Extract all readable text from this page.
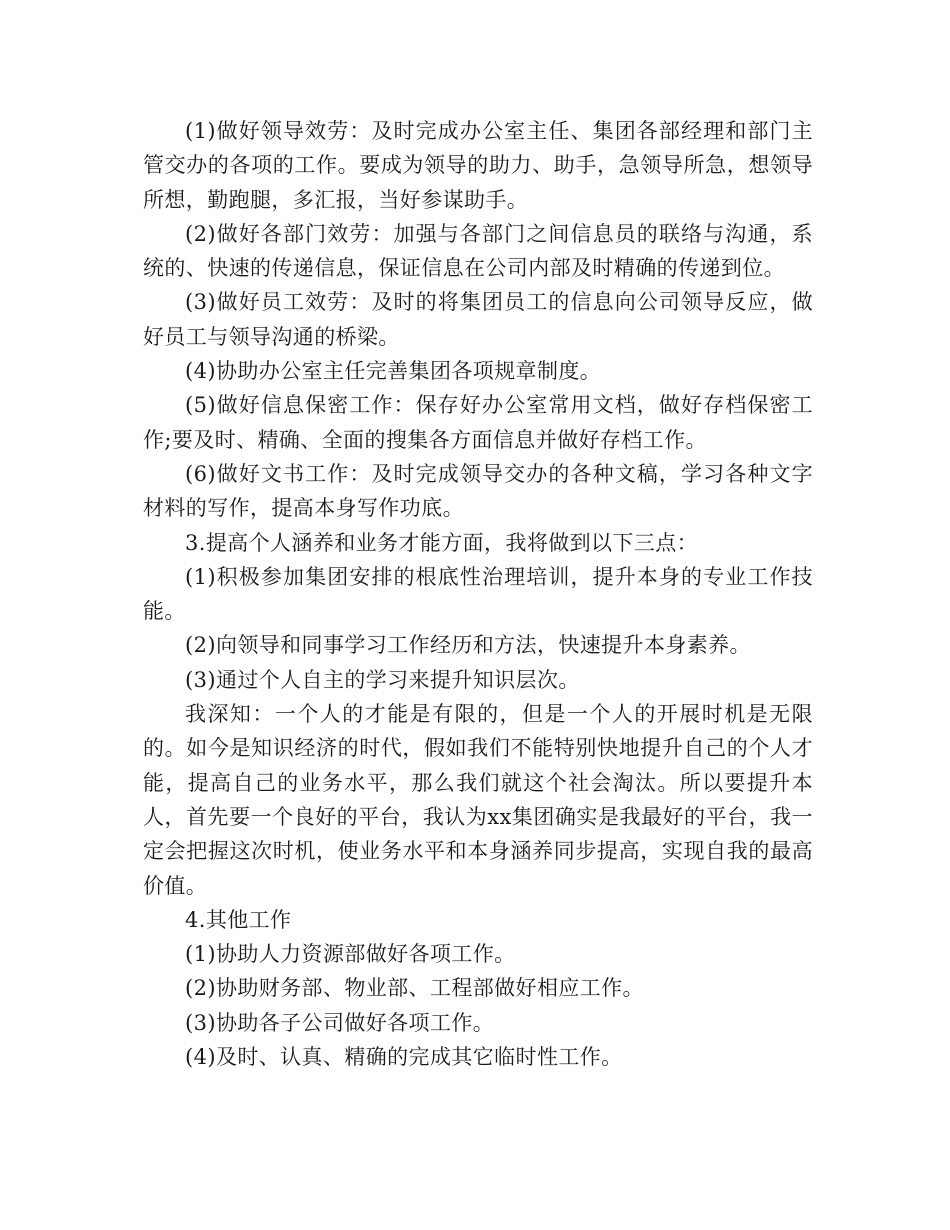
(1)做好领导效劳：及时完成办公室主任、集团各部经理和部门主管交办的各项的工作。要成为领导的助力、助手，急领导所急，想领导所想，勤跑腿，多汇报，当好参谋助手。

(2)做好各部门效劳：加强与各部门之间信息员的联络与沟通，系统的、快速的传递信息，保证信息在公司内部及时精确的传递到位。

(3)做好员工效劳：及时的将集团员工的信息向公司领导反应，做好员工与领导沟通的桥梁。

(4)协助办公室主任完善集团各项规章制度。

(5)做好信息保密工作：保存好办公室常用文档，做好存档保密工作;要及时、精确、全面的搜集各方面信息并做好存档工作。

(6)做好文书工作：及时完成领导交办的各种文稿，学习各种文字材料的写作，提高本身写作功底。

3.提高个人涵养和业务才能方面，我将做到以下三点：

(1)积极参加集团安排的根底性治理培训，提升本身的专业工作技能。

(2)向领导和同事学习工作经历和方法，快速提升本身素养。

(3)通过个人自主的学习来提升知识层次。

我深知：一个人的才能是有限的，但是一个人的开展时机是无限的。如今是知识经济的时代，假如我们不能特别快地提升自己的个人才能，提高自己的业务水平，那么我们就这个社会淘汰。所以要提升本人，首先要一个良好的平台，我认为xx集团确实是我最好的平台，我一定会把握这次时机，使业务水平和本身涵养同步提高，实现自我的最高价值。

4.其他工作

(1)协助人力资源部做好各项工作。

(2)协助财务部、物业部、工程部做好相应工作。

(3)协助各子公司做好各项工作。

(4)及时、认真、精确的完成其它临时性工作。
